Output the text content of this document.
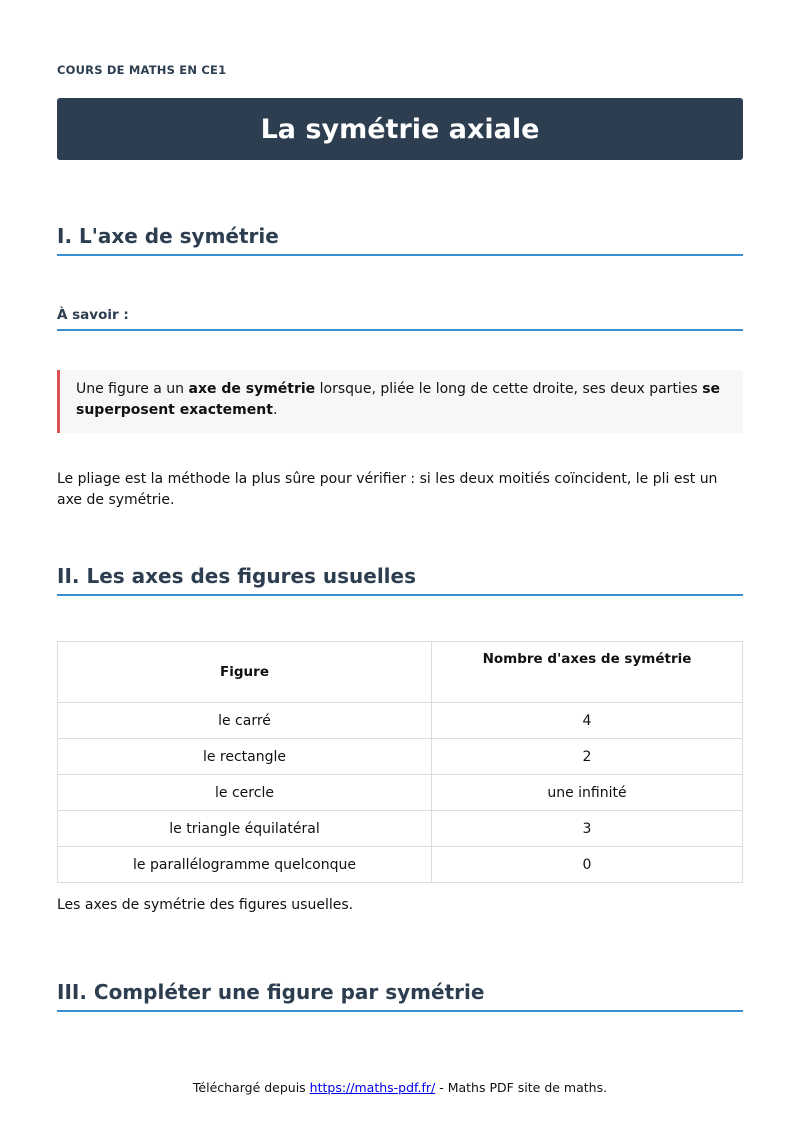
COURS DE MATHS EN CE1
La symétrie axiale
I. L'axe de symétrie
À savoir :
Une figure a un axe de symétrie lorsque, pliée le long de cette droite, ses deux parties se superposent exactement.
Le pliage est la méthode la plus sûre pour vérifier : si les deux moitiés coïncident, le pli est un axe de symétrie.
II. Les axes des figures usuelles
Figure	Nombre d'axes de symétrie
le carré	4
le rectangle	2
le cercle	une infinité
le triangle équilatéral	3
le parallélogramme quelconque	0
Les axes de symétrie des figures usuelles.
III. Compléter une figure par symétrie
Téléchargé depuis https://maths-pdf.fr/ - Maths PDF site de maths.
